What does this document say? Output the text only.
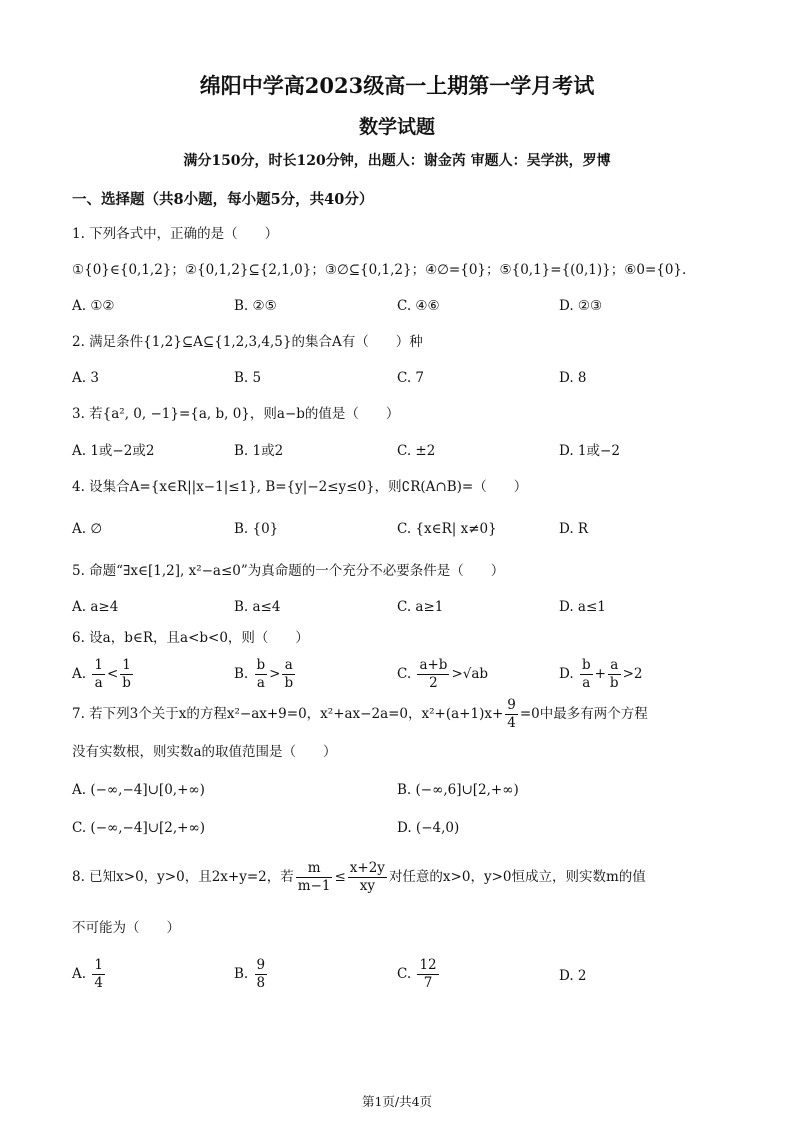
绵阳中学高2023级高一上期第一学月考试
数学试题
满分150分，时长120分钟，出题人：谢金芮 审题人：吴学洪，罗博
一、选择题（共8小题，每小题5分，共40分）
1. 下列各式中，正确的是（　　）
①{0}∈{0,1,2}；②{0,1,2}⊆{2,1,0}；③∅⊆{0,1,2}；④∅={0}；⑤{0,1}={(0,1)}；⑥0={0}.
A. ①②	B. ②⑤	C. ④⑥	D. ②③
2. 满足条件{1,2}⊆A⊆{1,2,3,4,5}的集合A有（　　）种
A. 3	B. 5	C. 7	D. 8
3. 若{a², 0, −1}={a, b, 0}，则a−b的值是（　　）
A. 1或−2或2	B. 1或2	C. ±2	D. 1或−2
4. 设集合A={x∈R||x−1|≤1}, B={y|−2≤y≤0}，则∁R(A∩B)=（　　）
A. ∅	B. {0}	C. {x∈R| x≠0}	D. R
5. 命题“∃x∈[1,2], x²−a≤0”为真命题的一个充分不必要条件是（　　）
A. a≥4	B. a≤4	C. a≥1	D. a≤1
6. 设a，b∈R，且a<b<0，则（　　）
A. $\frac{1}{a} < \frac{1}{b}$	B. $\frac{b}{a} > \frac{a}{b}$	C. $\frac{a+b}{2} >√ab$	D. $\frac{b}{a} + \frac{a}{b} >2$
7. 若下列3个关于x的方程x²−ax+9=0，x²+ax−2a=0，$x^2+(a+1)x+ \frac{9}{4} =0$中最多有两个方程
没有实数根，则实数a的取值范围是（　　）
A. (−∞,−4]∪[0,+∞)	B. (−∞,6]∪[2,+∞)
C. (−∞,−4]∪[2,+∞)	D. (−4,0)
8. 已知x>0，y>0，且2x+y=2，若 $\frac{m}{m-1} \le \frac{x+2y}{xy}$ 对任意的x>0，y>0恒成立，则实数m的值
不可能为（　　）
A. $\frac{1}{4}$	B. $\frac{9}{8}$	C. $\frac{12}{7}$	D. 2
第1页/共4页
